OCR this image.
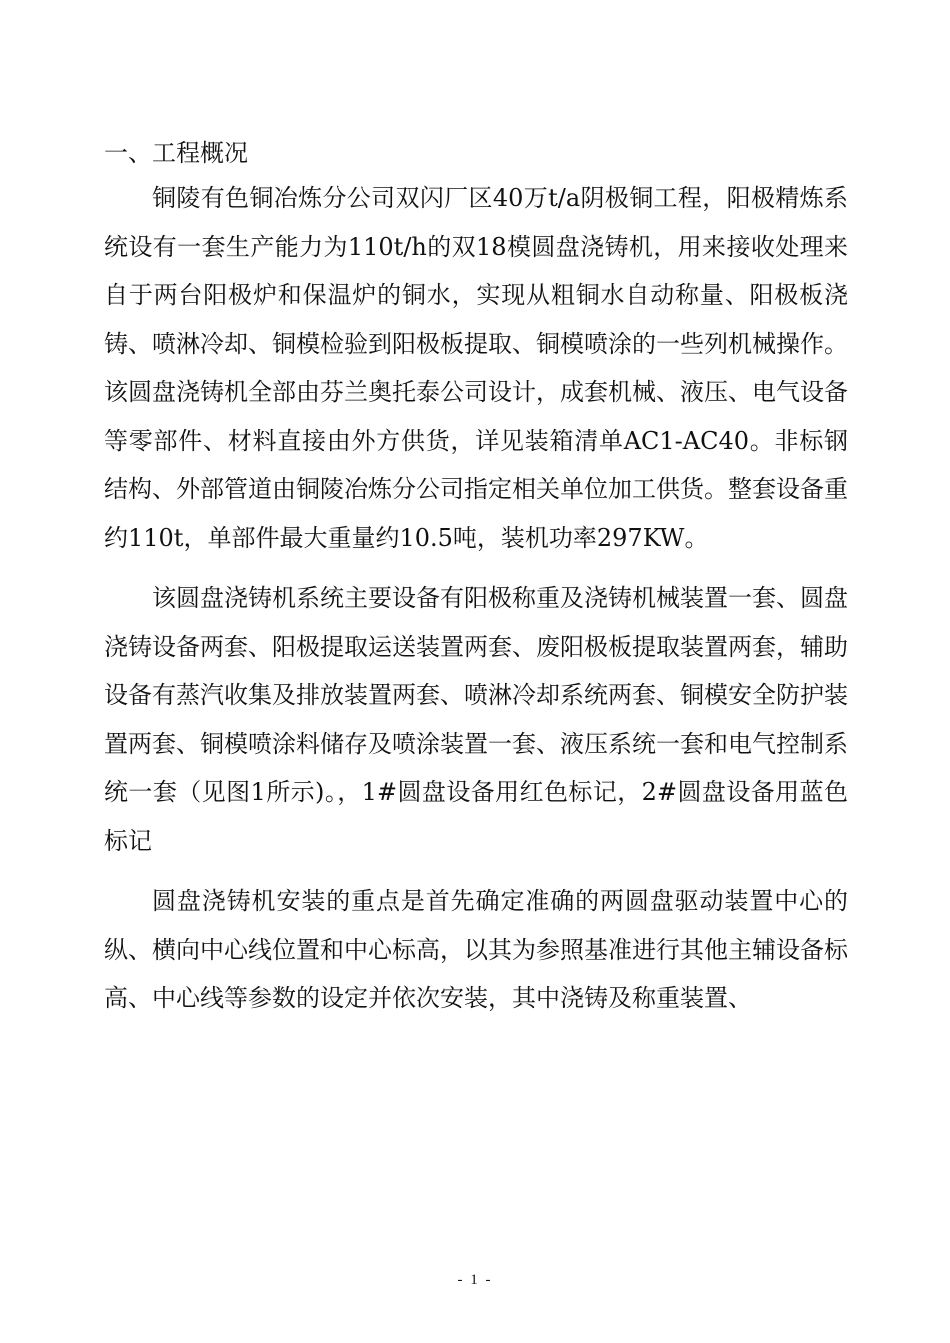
一、工程概况

铜陵有色铜冶炼分公司双闪厂区40万t/a阴极铜工程，阳极精炼系统设有一套生产能力为110t/h的双18模圆盘浇铸机，用来接收处理来自于两台阳极炉和保温炉的铜水，实现从粗铜水自动称量、阳极板浇铸、喷淋冷却、铜模检验到阳极板提取、铜模喷涂的一些列机械操作。该圆盘浇铸机全部由芬兰奥托泰公司设计，成套机械、液压、电气设备等零部件、材料直接由外方供货，详见装箱清单AC1-AC40。非标钢结构、外部管道由铜陵冶炼分公司指定相关单位加工供货。整套设备重约110t，单部件最大重量约10.5吨，装机功率297KW。

该圆盘浇铸机系统主要设备有阳极称重及浇铸机械装置一套、圆盘浇铸设备两套、阳极提取运送装置两套、废阳极板提取装置两套，辅助设备有蒸汽收集及排放装置两套、喷淋冷却系统两套、铜模安全防护装置两套、铜模喷涂料储存及喷涂装置一套、液压系统一套和电气控制系统一套（见图1所示)。，1#圆盘设备用红色标记，2#圆盘设备用蓝色标记

圆盘浇铸机安装的重点是首先确定准确的两圆盘驱动装置中心的纵、横向中心线位置和中心标高，以其为参照基准进行其他主辅设备标高、中心线等参数的设定并依次安装，其中浇铸及称重装置、

- 1 -
